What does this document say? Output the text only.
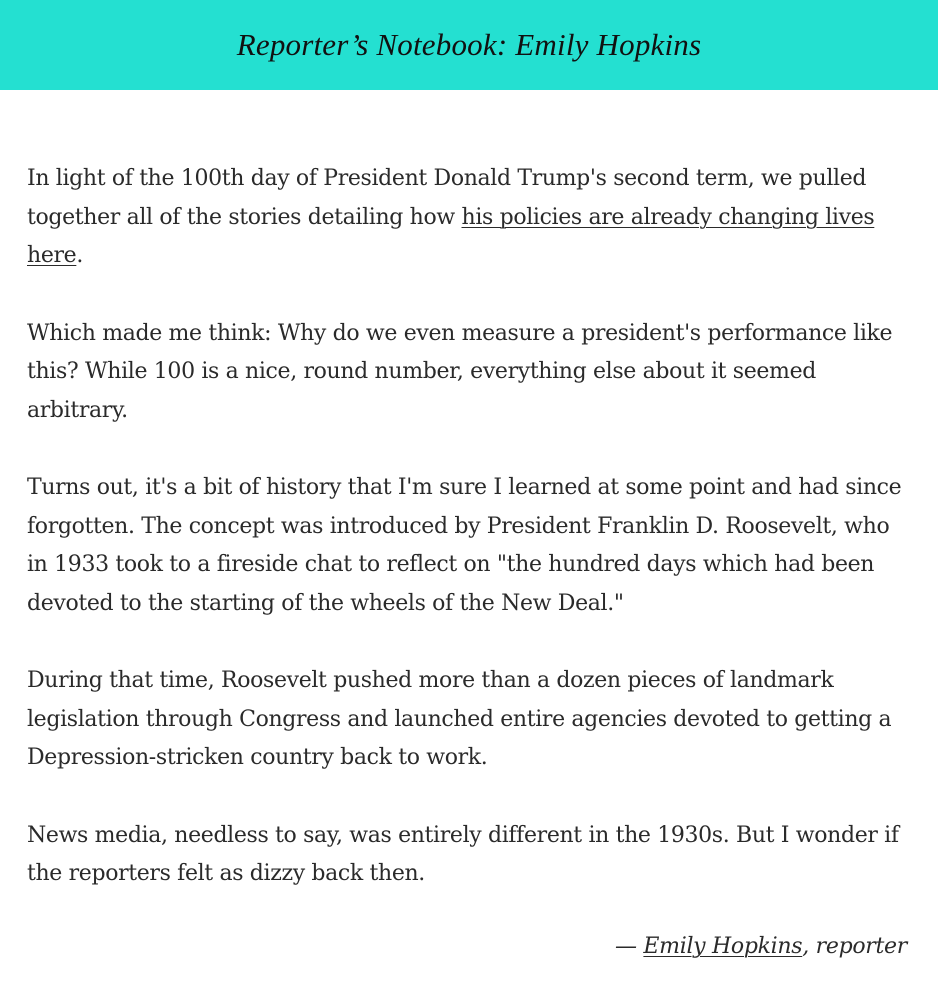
Reporter’s Notebook: Emily Hopkins

In light of the 100th day of President Donald Trump's second term, we pulled together all of the stories detailing how his policies are already changing lives here.

Which made me think: Why do we even measure a president's performance like this? While 100 is a nice, round number, everything else about it seemed arbitrary.

Turns out, it's a bit of history that I'm sure I learned at some point and had since forgotten. The concept was introduced by President Franklin D. Roosevelt, who in 1933 took to a fireside chat to reflect on "the hundred days which had been devoted to the starting of the wheels of the New Deal."

During that time, Roosevelt pushed more than a dozen pieces of landmark legislation through Congress and launched entire agencies devoted to getting a Depression-stricken country back to work.

News media, needless to say, was entirely different in the 1930s. But I wonder if the reporters felt as dizzy back then.

— Emily Hopkins, reporter
